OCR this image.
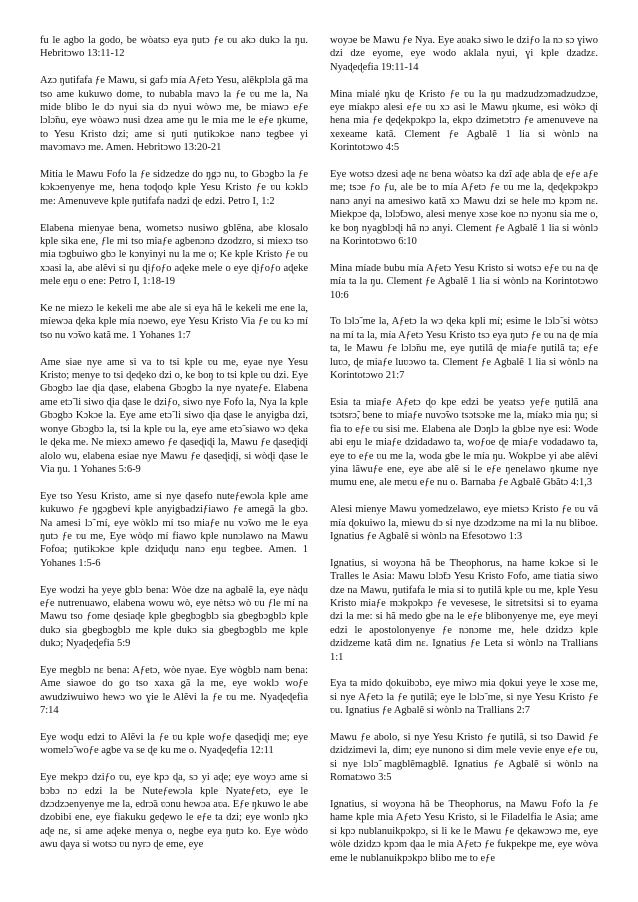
fu le agbo la godo, be wòatsɔ eya ŋutɔ ƒe ʋu akɔ dukɔ la ŋu. Hebritɔwo 13:11-12

Azɔ ŋutifafa ƒe Mawu, si gafɔ mía Aƒetɔ Yesu, alẽkplɔla gã ma tso ame kukuwo dome, to nubabla mavɔ la ƒe ʋu me la, Na mide blibo le dɔ nyui sia dɔ nyui wòwɔ me, be miawɔ eƒe lɔlɔ̃nu, eye wòawɔ nusi dzea ame ŋu le mia me le eƒe ŋkume, to Yesu Kristo dzi; ame si ŋuti ŋutikɔkɔe nanɔ tegbee yi mavɔmavɔ me. Amen. Hebritɔwo 13:20-21

Mitia le Mawu Fofo la ƒe sidzedze do ŋgɔ nu, to Gbɔgbɔ la ƒe kɔkɔenyenye me, hena toɖoɖo kple Yesu Kristo ƒe ʋu kɔklɔ me: Amenuveve kple ŋutifafa nadzi ɖe edzi. Petro I, 1:2

Elabena mienyae bena, wometsɔ nusiwo gblẽna, abe klosalo kple sika ene, ƒle mi tso miaƒe agbenɔnɔ dzodzro, si miexɔ tso mia tɔgbuiwo gbɔ le kɔnyinyi nu la me o; Ke kple Kristo ƒe ʋu xɔasi la, abe alẽvi si ŋu ɖiƒoƒo aɖeke mele o eye ɖiƒoƒo aɖeke mele eŋu o ene: Petro I, 1:18-19

Ke ne miezɔ le kekeli me abe ale si eya hã le kekeli me ene la, míewɔa ɖeka kple mía nɔewo, eye Yesu Kristo Via ƒe ʋu kɔ mí tso nu vɔ̃wo katã me. 1 Yohanes 1:7

Ame siae nye ame si va to tsi kple ʋu me, eyae nye Yesu Kristo; menye to tsi ɖeɖeko dzi o, ke boŋ to tsi kple ʋu dzi. Eye Gbɔgbɔ lae ɖia ɖase, elabena Gbɔgbɔ la nye nyateƒe. Elabena ame etɔ̃ li siwo ɖia ɖase le dziƒo, siwo nye Fofo la, Nya la kple Gbɔgbɔ Kɔkɔe la. Eye ame etɔ̃ li siwo ɖia ɖase le anyigba dzi, wonye Gbɔgbɔ la, tsi la kple ʋu la, eye ame etɔ̃ siawo wɔ ɖeka le ɖeka me. Ne miexɔ amewo ƒe ɖaseɖiɖi la, Mawu ƒe ɖaseɖiɖi alolo wu, elabena esiae nye Mawu ƒe ɖaseɖiɖi, si wòɖi ɖase le Via ŋu. 1 Yohanes 5:6-9

Eye tso Yesu Kristo, ame si nye ɖasefo nuteƒewɔla kple ame kukuwo ƒe ŋgɔgbevi kple anyigbadziƒiawo ƒe amegã la gbɔ. Na amesi lɔ̃ mí, eye wòklɔ mí tso miaƒe nu vɔ̃wo me le eya ŋutɔ ƒe ʋu me, Eye wòɖo mí fiawo kple nunɔlawo na Mawu Fofoa; ŋutikɔkɔe kple dziɖuɖu nanɔ eŋu tegbee. Amen. 1 Yohanes 1:5-6

Eye wodzi ha yeye gblɔ bena: Wòe dze na agbalẽ la, eye nàɖu eƒe nutrenuawo, elabena wowu wò, eye nètsɔ wò ʋu ƒle mí na Mawu tso ƒome ɖesiaɖe kple gbegbɔgblɔ sia gbegbɔgblɔ kple dukɔ sia gbegbɔgblɔ me kple dukɔ sia gbegbɔgblɔ me kple dukɔ; Nyaɖeɖefia 5:9

Eye megblɔ nɛ bena: Aƒetɔ, wòe nyae. Eye wògblɔ nam bena: Ame siawoe do go tso xaxa gã la me, eye woklɔ woƒe awudziwuiwo hewɔ wo ɣie le Alẽvi la ƒe ʋu me. Nyaɖeɖefia 7:14

Eye woɖu edzi to Alẽvi la ƒe ʋu kple woƒe ɖaseɖiɖi me; eye womelɔ̃ woƒe agbe va se ɖe ku me o. Nyaɖeɖefia 12:11

Eye mekpɔ dziƒo ʋu, eye kpɔ ɖa, sɔ yi aɖe; eye woyɔ ame si bɔbɔ nɔ edzi la be Nuteƒewɔla kple Nyateƒetɔ, eye le dzɔdzɔenyenye me la, edrɔ̃a ʋɔnu hewɔa aʋa. Eƒe ŋkuwo le abe dzobibi ene, eye fiakuku geɖewo le eƒe ta dzi; eye wonlɔ ŋkɔ aɖe nɛ, si ame aɖeke menya o, negbe eya ŋutɔ ko. Eye wòdo awu ɖaya si wotsɔ ʋu nyrɔ ɖe eme, eye

woyɔe be Mawu ƒe Nya. Eye aʋakɔ siwo le dziƒo la nɔ sɔ ɣiwo dzi dze eyome, eye wodo aklala nyui, ɣi kple dzadzɛ. Nyaɖeɖefia 19:11-14

Mina mialé ŋku ɖe Kristo ƒe ʋu la ŋu madzudzɔmadzudzɔe, eye míakpɔ alesi eƒe ʋu xɔ asi le Mawu ŋkume, esi wòkɔ ɖi hena mia ƒe ɖeɖekpɔkpɔ la, ekpɔ dzimetɔtrɔ ƒe amenuveve na xexeame katã. Clement ƒe Agbalẽ 1 lia si wònlɔ na Korintotɔwo 4:5

Eye wotsɔ dzesi aɖe nɛ bena wòatsɔ ka dzĩ aɖe abla ɖe eƒe aƒe me; tsɔe ƒo ƒu, ale be to mía Aƒetɔ ƒe ʋu me la, ɖeɖekpɔkpɔ nanɔ anyi na amesiwo katã xɔ Mawu dzi se hele mɔ kpɔm nɛ. Miekpɔe ɖa, lɔlɔ̃tɔwo, alesi menye xɔse koe nɔ nyɔnu sia me o, ke boŋ nyagblɔɖi hã nɔ anyi. Clement ƒe Agbalẽ 1 lia si wònlɔ na Korintotɔwo 6:10

Mina míade bubu mía Aƒetɔ Yesu Kristo si wotsɔ eƒe ʋu na ɖe mía ta la ŋu. Clement ƒe Agbalẽ 1 lia si wònlɔ na Korintotɔwo 10:6

To lɔlɔ̃ me la, Aƒetɔ la wɔ ɖeka kpli mí; esime le lɔlɔ̃ si wòtsɔ na mí ta la, mía Aƒetɔ Yesu Kristo tsɔ eya ŋutɔ ƒe ʋu na ɖe mía ta, le Mawu ƒe lɔlɔ̃nu me, eye ŋutilã ɖe miaƒe ŋutilã ta; eƒe luʋɔ, ɖe miaƒe luʋɔwo ta. Clement ƒe Agbalẽ 1 lia si wònlɔ na Korintotɔwo 21:7

Esia ta miaƒe Aƒetɔ ɖo kpe edzi be yeatsɔ yeƒe ŋutilã ana tsɔtsrɔ̃, bene to miaƒe nuvɔ̃wo tsɔtsɔke me la, míakɔ mia ŋu; si fia to eƒe ʋu sisi me. Elabena ale Dɔŋlɔ la gblɔe nye esi: Wode abi eŋu le miaƒe dzidadawo ta, woƒoe ɖe miaƒe vodadawo ta, eye to eƒe ʋu me la, woda gbe le mía ŋu. Wokplɔe yi abe alẽvi yina lãwuƒe ene, eye abe alẽ si le eƒe ŋenelawo ŋkume nye mumu ene, ale meʋu eƒe nu o. Barnaba ƒe Agbalẽ Gbãtɔ 4:1,3

Alesi mienye Mawu yomedzelawo, eye mietsɔ Kristo ƒe ʋu vã mía ɖokuiwo la, miewu dɔ si nye dzɔdzɔme na mi la nu bliboe. Ignatius ƒe Agbalẽ si wònlɔ na Efesotɔwo 1:3

Ignatius, si woyɔna hã be Theophorus, na hame kɔkɔe si le Tralles le Asia: Mawu lɔlɔ̃tɔ Yesu Kristo Fofo, ame tiatia siwo dze na Mawu, ŋutifafa le mia si to ŋutilã kple ʋu me, kple Yesu Kristo miaƒe mɔkpɔkpɔ ƒe vevesese, le sitretsitsi si to eyama dzi la me: si hã medo gbe na le eƒe blibonyenye me, eye meyi edzi le apostolonyenye ƒe nɔnɔme me, hele dzidzɔ kple dzidzeme katã dim nɛ. Ignatius ƒe Leta si wònlɔ na Trallians 1:1

Eya ta mido ɖokuibɔbɔ, eye miwɔ mia ɖokui yeye le xɔse me, si nye Aƒetɔ la ƒe ŋutilã; eye le lɔlɔ̃ me, si nye Yesu Kristo ƒe ʋu. Ignatius ƒe Agbalẽ si wònlɔ na Trallians 2:7

Mawu ƒe abolo, si nye Yesu Kristo ƒe ŋutilã, si tso Dawid ƒe dzidzimevi la, dim; eye nunono si dim mele vevie enye eƒe ʋu, si nye lɔlɔ̃ magblẽmagblẽ. Ignatius ƒe Agbalẽ si wònlɔ na Romatɔwo 3:5

Ignatius, si woyɔna hã be Theophorus, na Mawu Fofo la ƒe hame kple mia Aƒetɔ Yesu Kristo, si le Filadelfia le Asia; ame si kpɔ nublanuikpɔkpɔ, si li ke le Mawu ƒe ɖekawɔwɔ me, eye wòle dzidzɔ kpɔm ɖaa le mia Aƒetɔ ƒe fukpekpe me, eye wòva eme le nublanuikpɔkpɔ blibo me to eƒe
